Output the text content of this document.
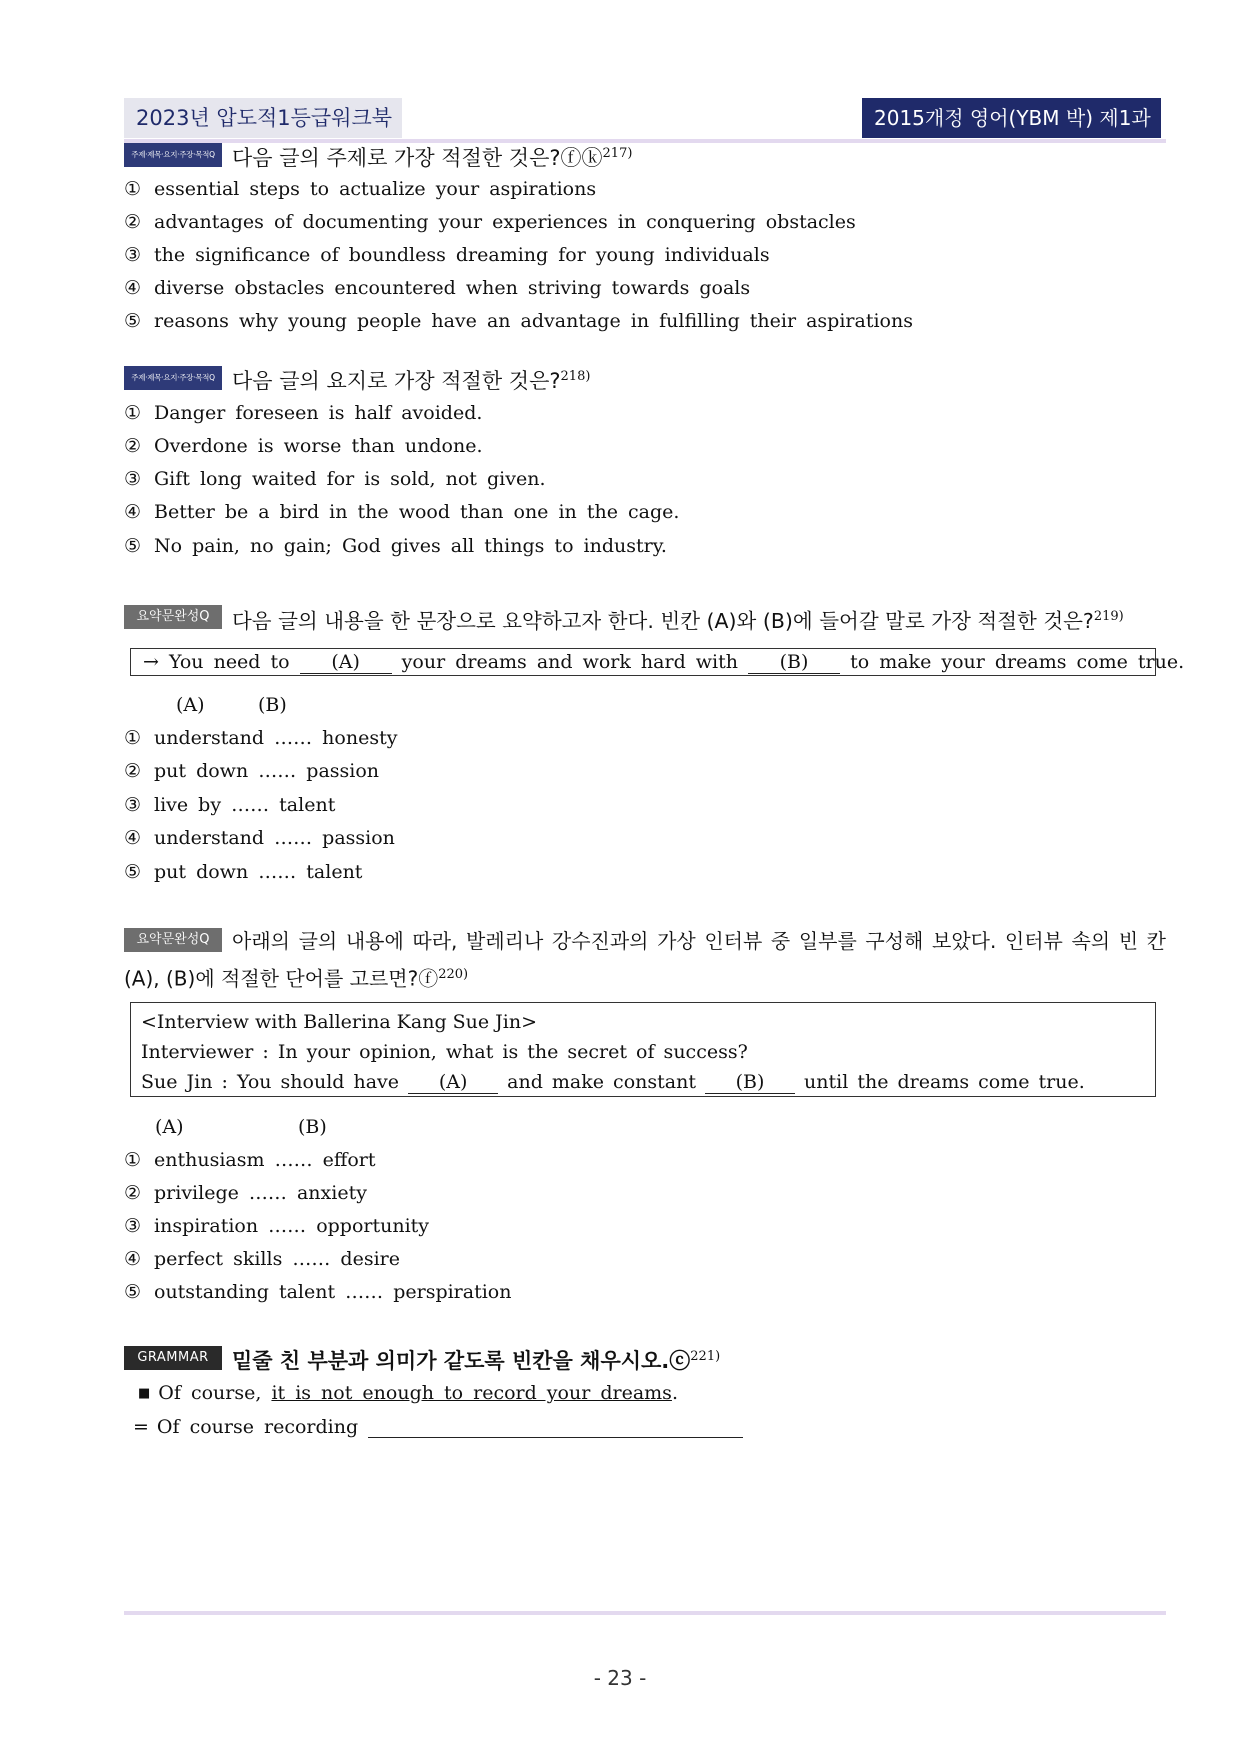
2023년 압도적1등급워크북	2015개정 영어(YBM 박) 제1과
주제·제목·요지·주장·목적Q 다음 글의 주제로 가장 적절한 것은?ⓕⓚ$^{217)}$
① essential steps to actualize your aspirations
② advantages of documenting your experiences in conquering obstacles
③ the significance of boundless dreaming for young individuals
④ diverse obstacles encountered when striving towards goals
⑤ reasons why young people have an advantage in fulfilling their aspirations
주제·제목·요지·주장·목적Q 다음 글의 요지로 가장 적절한 것은?$^{218)}$
① Danger foreseen is half avoided.
② Overdone is worse than undone.
③ Gift long waited for is sold, not given.
④ Better be a bird in the wood than one in the cage.
⑤ No pain, no gain; God gives all things to industry.
요약문완성Q	다음 글의 내용을 한 문장으로 요약하고자 한다. 빈칸 (A)와 (B)에 들어갈 말로 가장 적절한 것은?$^{219)}$
→ You need to (A) your dreams and work hard with (B) to make your dreams come true.
(A)	(B)
① understand …… honesty
② put down …… passion
③ live by …… talent
④ understand …… passion
⑤ put down …… talent
요약문완성Q	아래의 글의 내용에 따라, 발레리나 강수진과의 가상 인터뷰 중 일부를 구성해 보았다. 인터뷰 속의 빈 칸 (A), (B)에 적절한 단어를 고르면?ⓕ$^{220)}$
<Interview with Ballerina Kang Sue Jin>
Interviewer : In your opinion, what is the secret of success?
Sue Jin : You should have (A) and make constant (B) until the dreams come true.
(A)	(B)
① enthusiasm …… effort
② privilege …… anxiety
③ inspiration …… opportunity
④ perfect skills …… desire
⑤ outstanding talent …… perspiration
GRAMMAR	밑줄 친 부분과 의미가 같도록 빈칸을 채우시오.ⓒ$^{221)}$
■ Of course, it is not enough to record your dreams.
= Of course recording
- 23 -
